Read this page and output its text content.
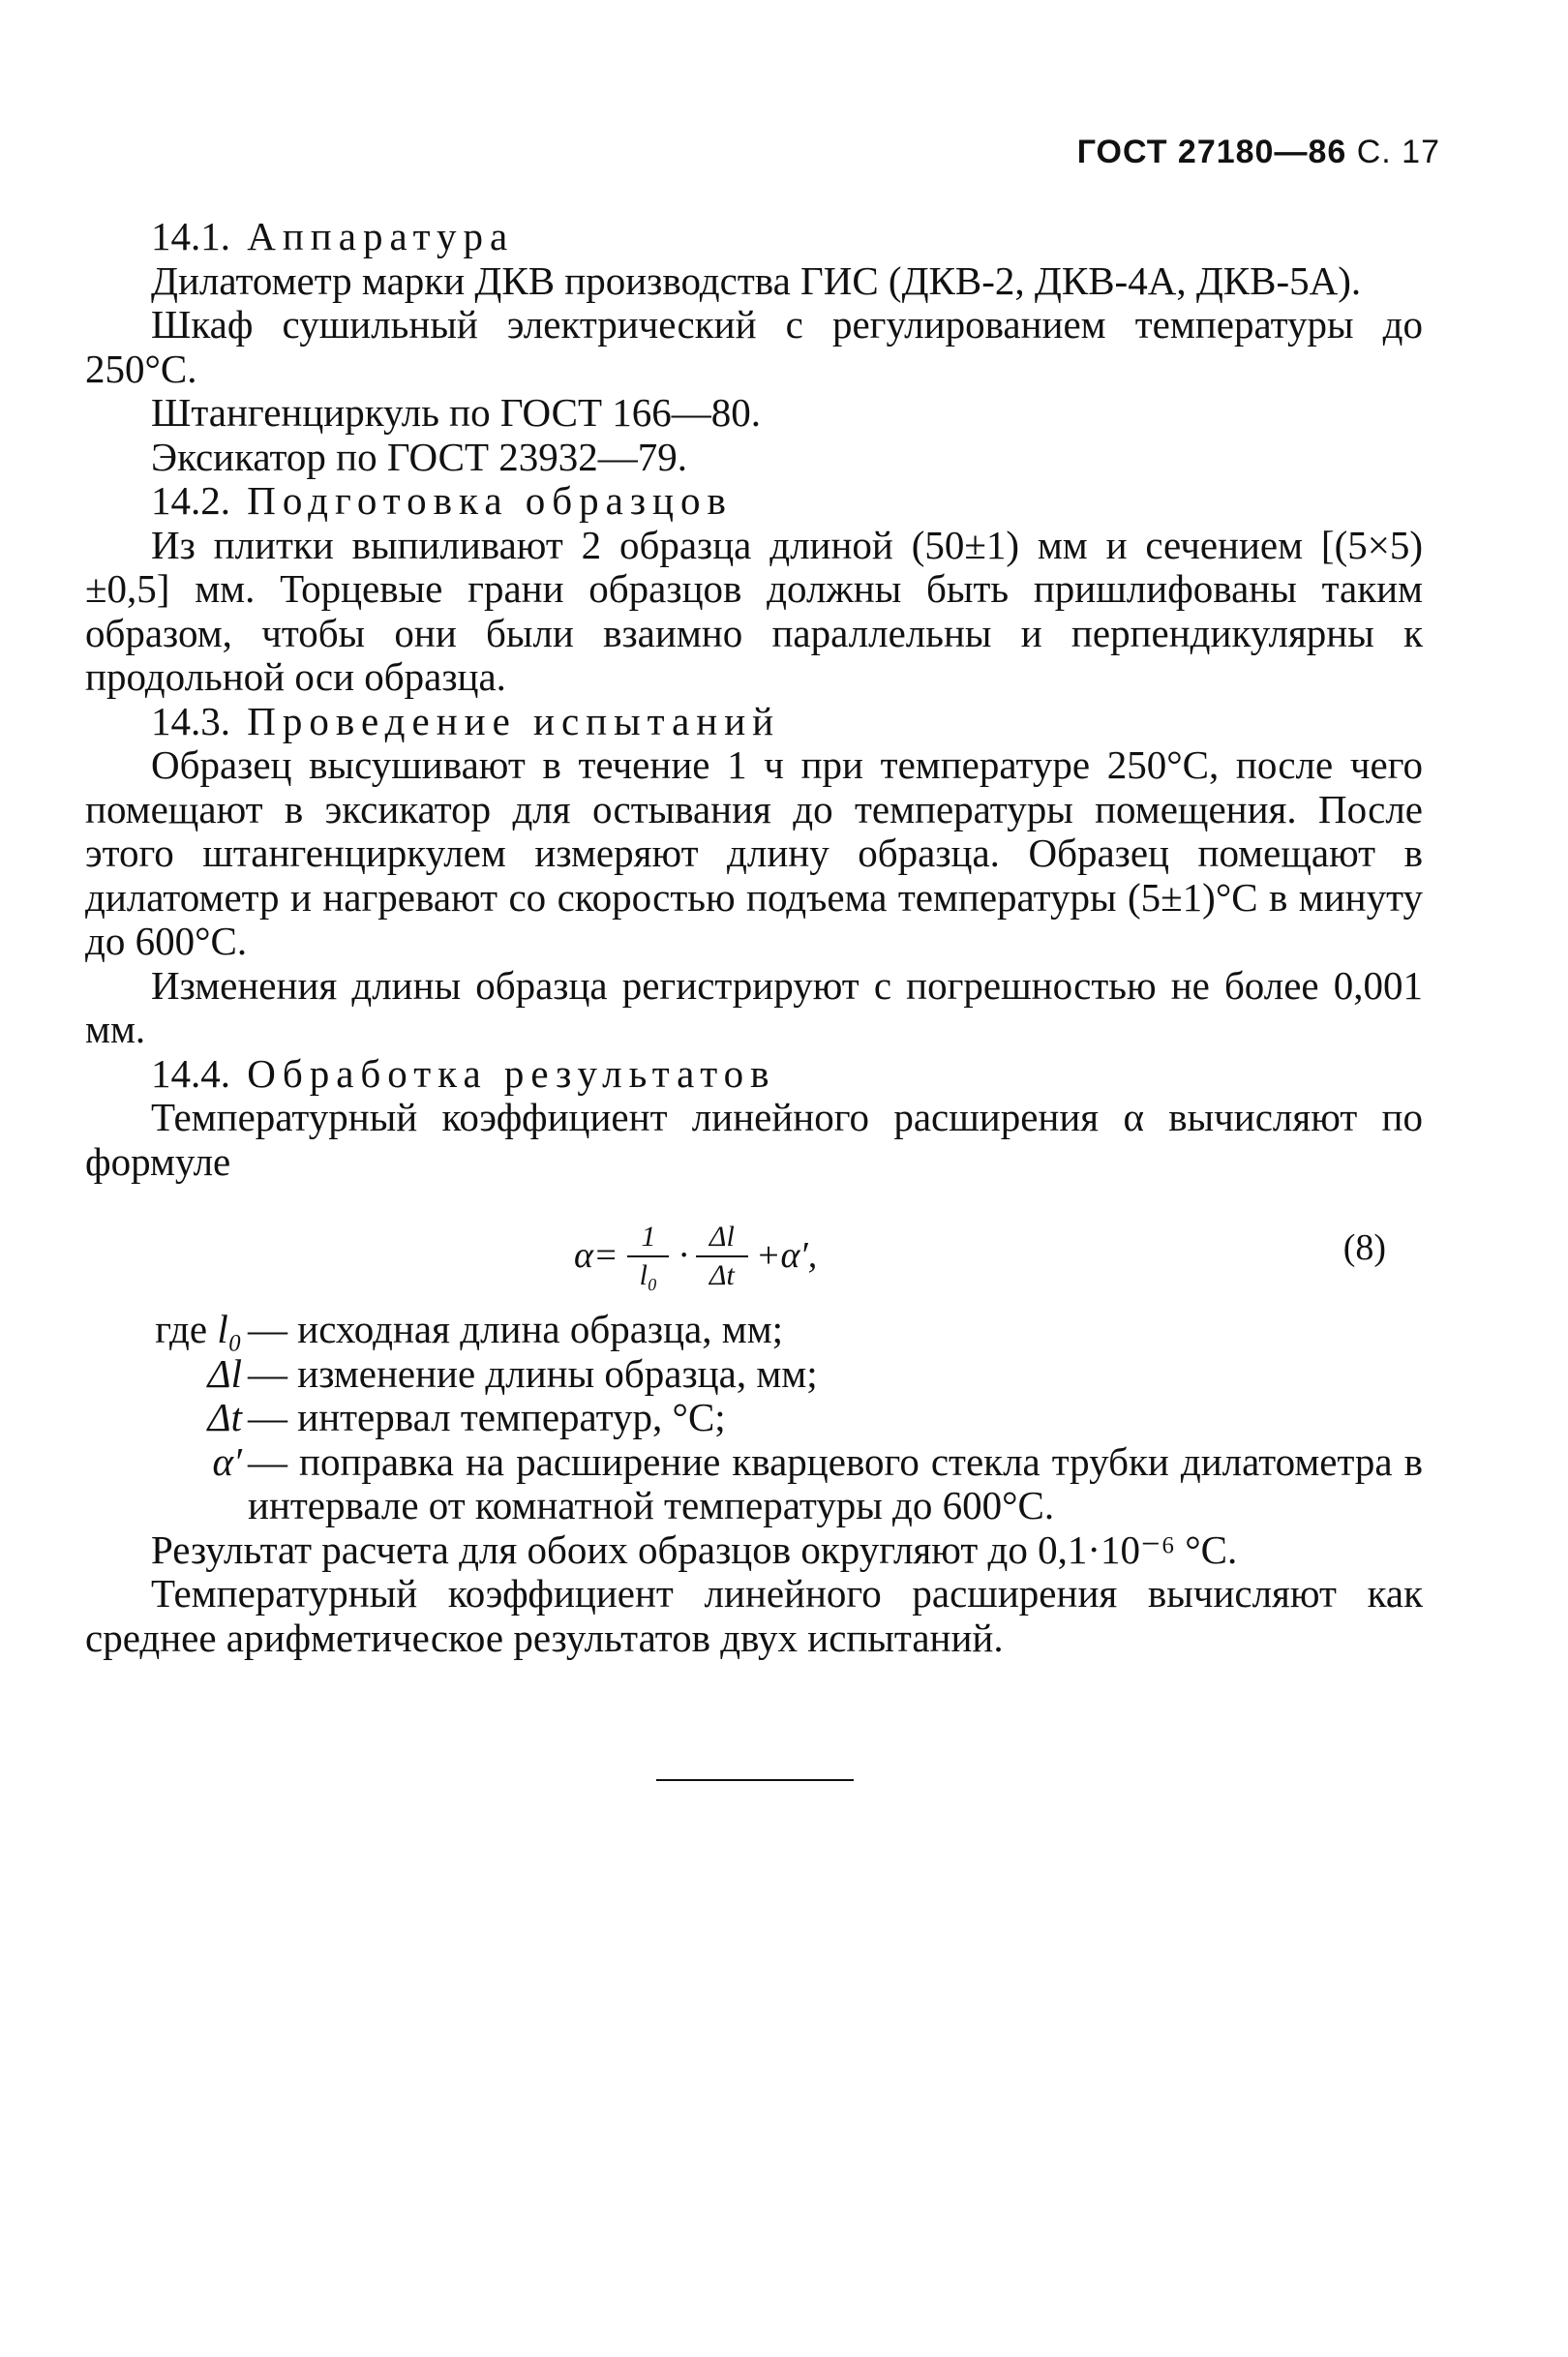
ГОСТ 27180—86 С. 17

14.1. Аппаратура

Дилатометр марки ДКВ производства ГИС (ДКВ-2, ДКВ-4А, ДКВ-5А).

Шкаф сушильный электрический с регулированием температуры до 250°С.

Штангенциркуль по ГОСТ 166—80.

Эксикатор по ГОСТ 23932—79.

14.2. Подготовка образцов

Из плитки выпиливают 2 образца длиной (50±1) мм и сечением [(5×5)±0,5] мм. Торцевые грани образцов должны быть пришлифованы таким образом, чтобы они были взаимно параллельны и перпендикулярны к продольной оси образца.

14.3. Проведение испытаний

Образец высушивают в течение 1 ч при температуре 250°С, после чего помещают в эксикатор для остывания до температуры помещения. После этого штангенциркулем измеряют длину образца. Образец помещают в дилатометр и нагревают со скоростью подъема температуры (5±1)°С в минуту до 600°С.

Изменения длины образца регистрируют с погрешностью не более 0,001 мм.

14.4. Обработка результатов

Температурный коэффициент линейного расширения α вычисляют по формуле

$\alpha= \frac{1}{\text{l₀}} \cdot \frac{\Delta l}{\Delta t} +\alpha'$,	(8)
где l₀ — исходная длина образца, мм;
Δl — изменение длины образца, мм;
Δt — интервал температур, °С;
α′ — поправка на расширение кварцевого стекла трубки дилатометра в интервале от комнатной температуры до 600°С.

Результат расчета для обоих образцов округляют до 0,1·10⁻⁶ °С.

Температурный коэффициент линейного расширения вычисляют как среднее арифметическое результатов двух испытаний.
